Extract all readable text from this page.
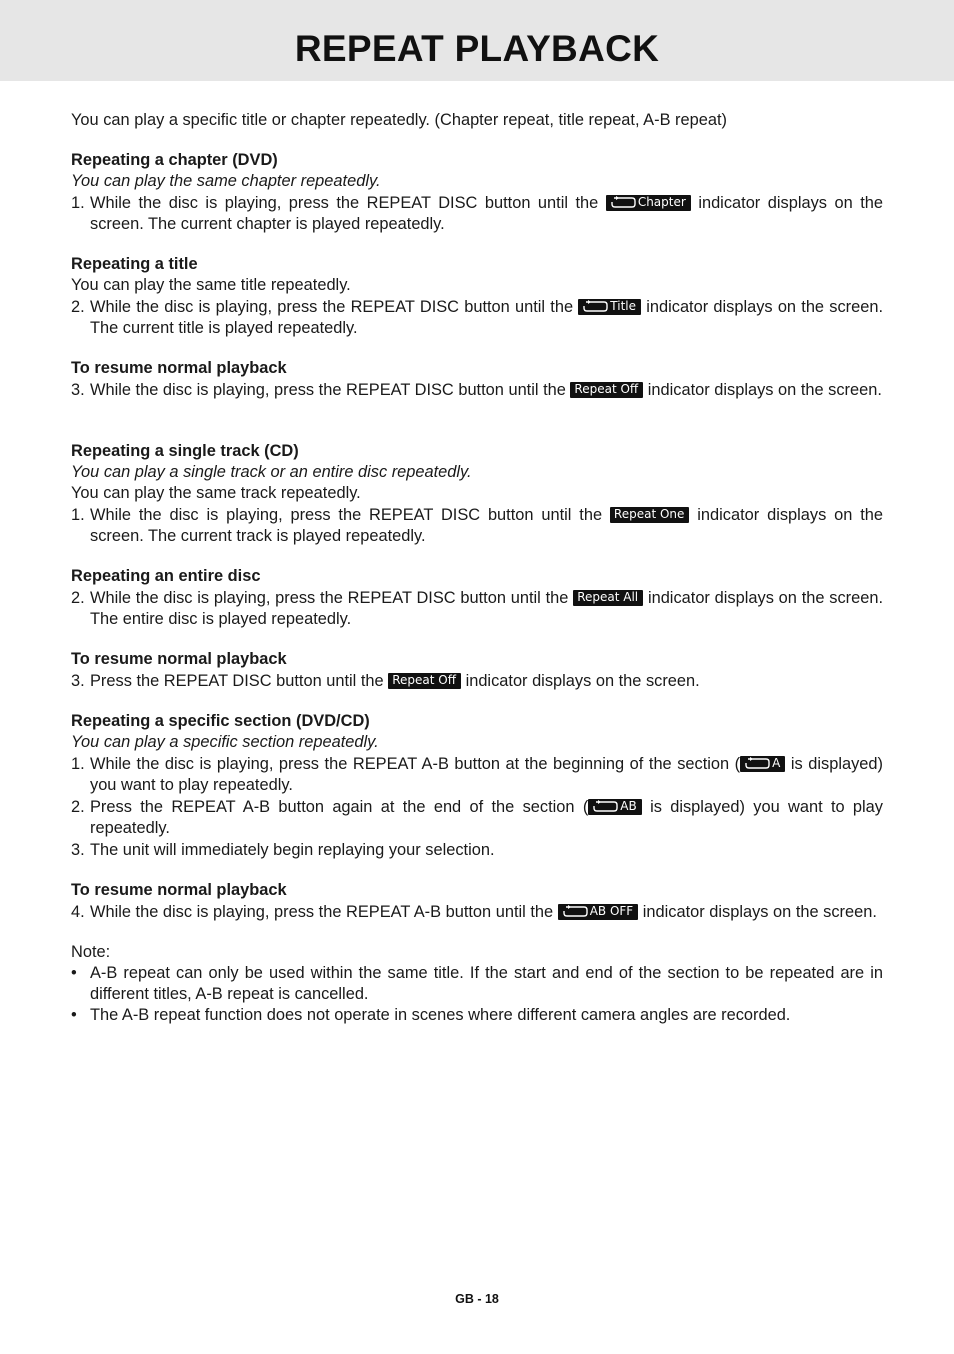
REPEAT PLAYBACK

You can play a specific title or chapter repeatedly. (Chapter repeat, title repeat, A-B repeat)

Repeating a chapter (DVD)

You can play the same chapter repeatedly.

1. While the disc is playing, press the REPEAT DISC button until the	Chapter indicator displays on the screen. The current chapter is played repeatedly.

Repeating a title

You can play the same title repeatedly.

2. While the disc is playing, press the REPEAT DISC button until the	Title indicator displays on the screen. The current title is played repeatedly.

To resume normal playback

3. While the disc is playing, press the REPEAT DISC button until the Repeat Off indicator displays on the screen.

Repeating a single track (CD)

You can play a single track or an entire disc repeatedly.

You can play the same track repeatedly.

1. While the disc is playing, press the REPEAT DISC button until the Repeat One indicator displays on the screen. The current track is played repeatedly.

Repeating an entire disc

2. While the disc is playing, press the REPEAT DISC button until the Repeat All indicator displays on the screen. The entire disc is played repeatedly.

To resume normal playback

3. Press the REPEAT DISC button until the Repeat Off indicator displays on the screen.

Repeating a specific section (DVD/CD)

You can play a specific section repeatedly.

1. While the disc is playing, press the REPEAT A-B button at the beginning of the section (	A is displayed) you want to play repeatedly.
2. Press the REPEAT A-B button again at the end of the section (	AB is displayed) you want to play repeatedly.
3. The unit will immediately begin replaying your selection.

To resume normal playback

4. While the disc is playing, press the REPEAT A-B button until the	AB OFF indicator displays on the screen.

Note:

• A-B repeat can only be used within the same title. If the start and end of the section to be repeated are in different titles, A-B repeat is cancelled.
• The A-B repeat function does not operate in scenes where different camera angles are recorded.
GB - 18
